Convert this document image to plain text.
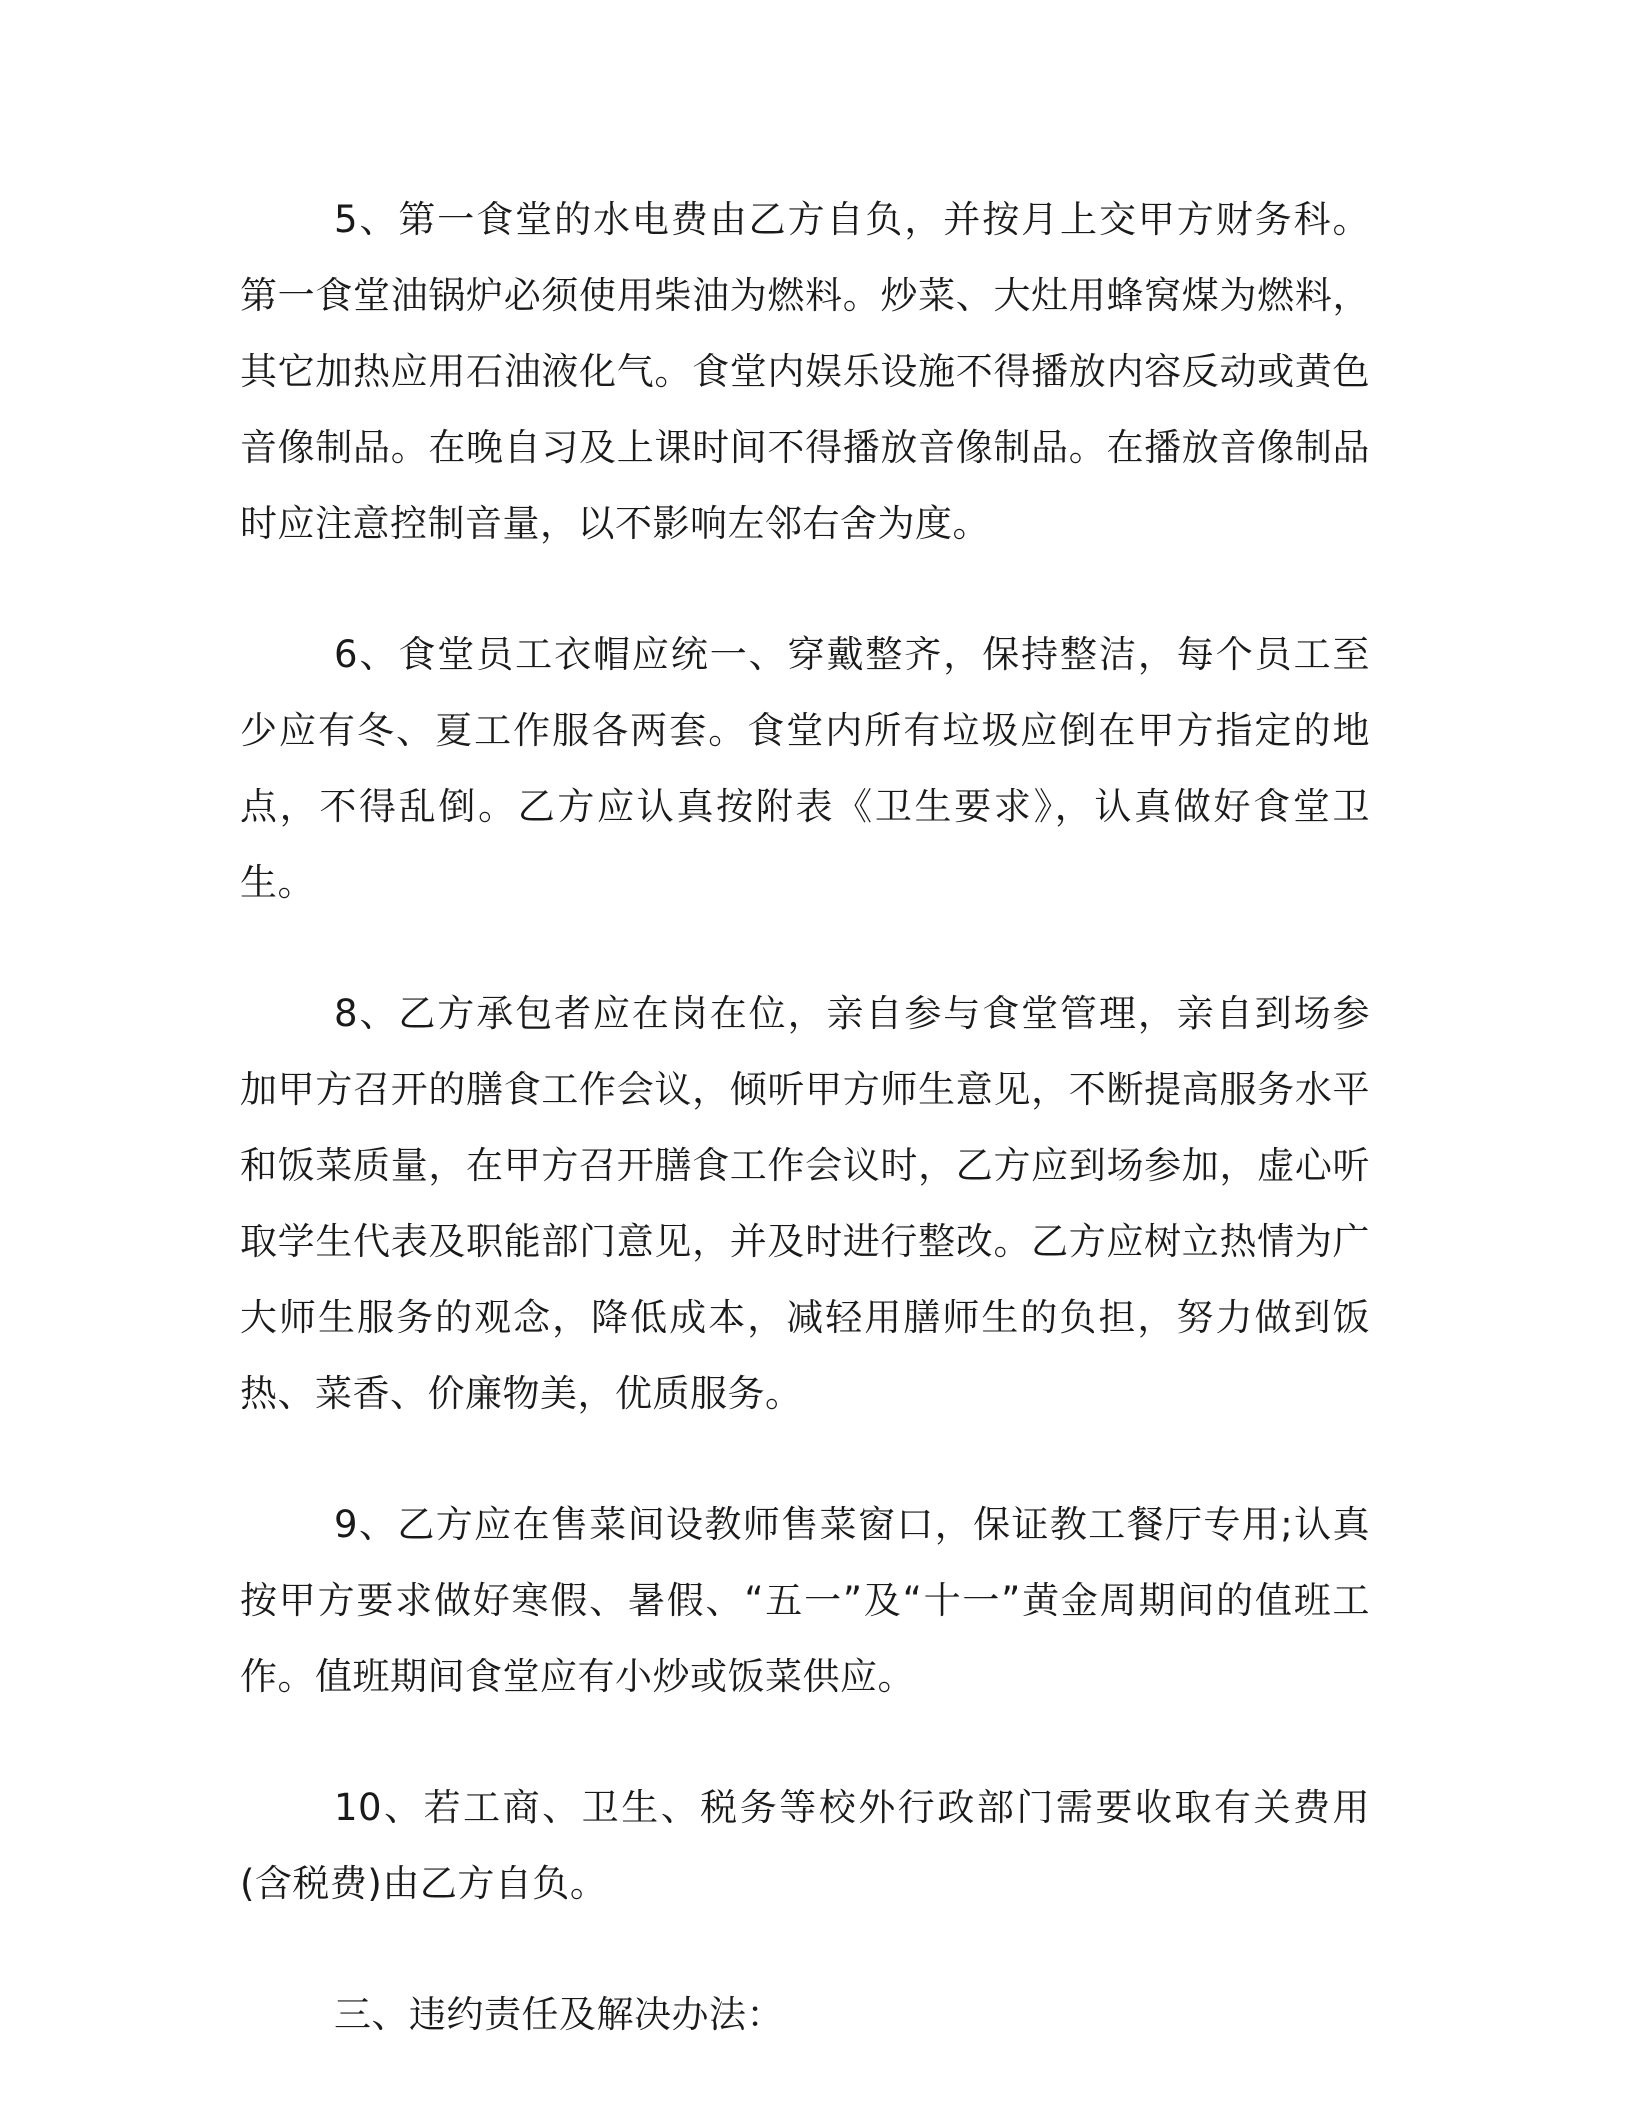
5、第一食堂的水电费由乙方自负，并按月上交甲方财务科。第一食堂油锅炉必须使用柴油为燃料。炒菜、大灶用蜂窝煤为燃料，其它加热应用石油液化气。食堂内娱乐设施不得播放内容反动或黄色音像制品。在晚自习及上课时间不得播放音像制品。在播放音像制品时应注意控制音量，以不影响左邻右舍为度。

6、食堂员工衣帽应统一、穿戴整齐，保持整洁，每个员工至少应有冬、夏工作服各两套。食堂内所有垃圾应倒在甲方指定的地点，不得乱倒。乙方应认真按附表《卫生要求》，认真做好食堂卫生。

8、乙方承包者应在岗在位，亲自参与食堂管理，亲自到场参加甲方召开的膳食工作会议，倾听甲方师生意见，不断提高服务水平和饭菜质量，在甲方召开膳食工作会议时，乙方应到场参加，虚心听取学生代表及职能部门意见，并及时进行整改。乙方应树立热情为广大师生服务的观念，降低成本，减轻用膳师生的负担，努力做到饭热、菜香、价廉物美，优质服务。

9、乙方应在售菜间设教师售菜窗口，保证教工餐厅专用;认真按甲方要求做好寒假、暑假、“五一”及“十一”黄金周期间的值班工作。值班期间食堂应有小炒或饭菜供应。

10、若工商、卫生、税务等校外行政部门需要收取有关费用(含税费)由乙方自负。

三、违约责任及解决办法：
